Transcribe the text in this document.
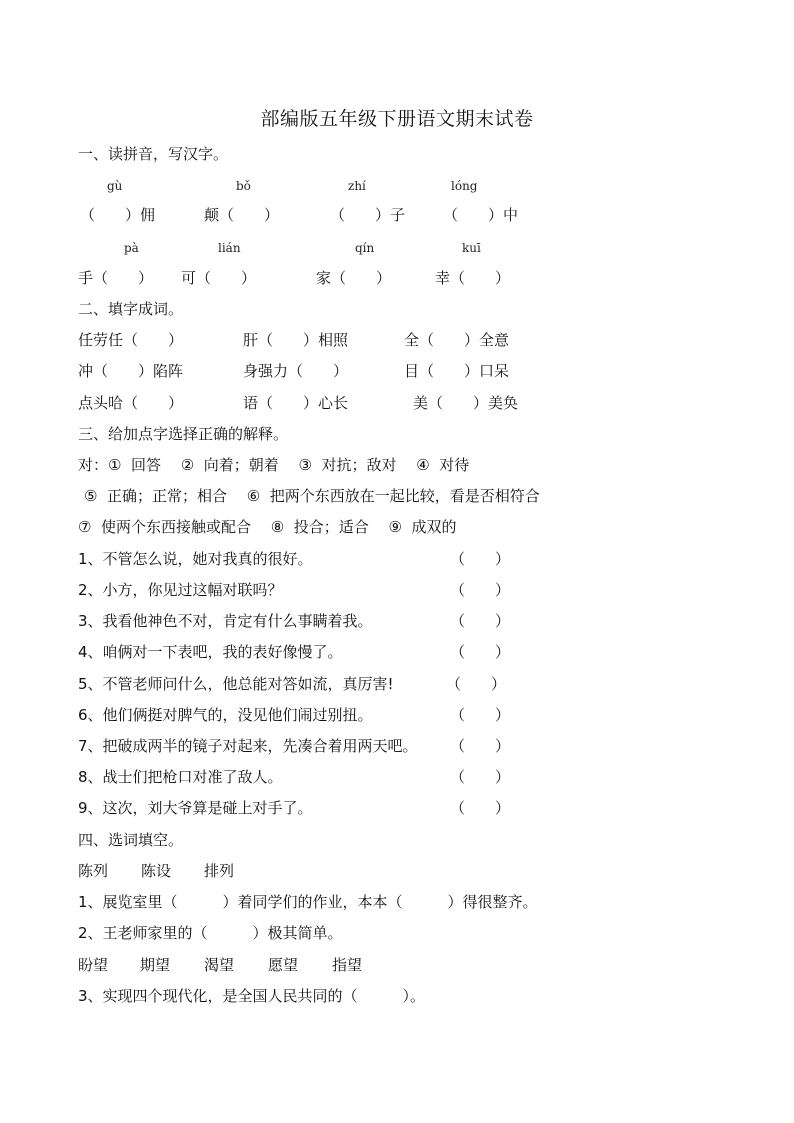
部编版五年级下册语文期末试卷
一、读拼音，写汉字。
gù	bǒ	zhí	lóng
（　　）佣	颠（　　）	（　　）子	（　　）中
pà	lián	qín	kuī
手（　　） 可（　　）	家（　　）	幸（　　）
二、填字成词。
任劳任（　　）	肝（　　）相照	全（　　）全意
冲（　　）陷阵	身强力（　　）	目（　　）口呆
点头哈（　　）	语（　　）心长	美（　　）美奂
三、给加点字选择正确的解释。
对：①  回答　 ②  向着；朝着　 ③  对抗；敌对　 ④  对待
⑤  正确；正常；相合　 ⑥  把两个东西放在一起比较，看是否相符合
⑦  使两个东西接触或配合　 ⑧  投合；适合　 ⑨  成双的
1、不管怎么说，她对我真的很好。	（　　）
2、小方，你见过这幅对联吗？	（　　）
3、我看他神色不对，肯定有什么事瞒着我。	（　　）
4、咱俩对一下表吧，我的表好像慢了。	（　　）
5、不管老师问什么，他总能对答如流，真厉害!	（　　）
6、他们俩挺对脾气的，没见他们闹过别扭。	（　　）
7、把破成两半的镜子对起来，先凑合着用两天吧。 （　　）
8、战士们把枪口对准了敌人。	（　　）
9、这次，刘大爷算是碰上对手了。	（　　）
四、选词填空。
陈列 陈设 排列
1、展览室里（　　　）着同学们的作业，本本（　　　）得很整齐。
2、王老师家里的（　　　）极其简单。
盼望 期望 渴望 愿望 指望
3、实现四个现代化，是全国人民共同的（　　　）。
